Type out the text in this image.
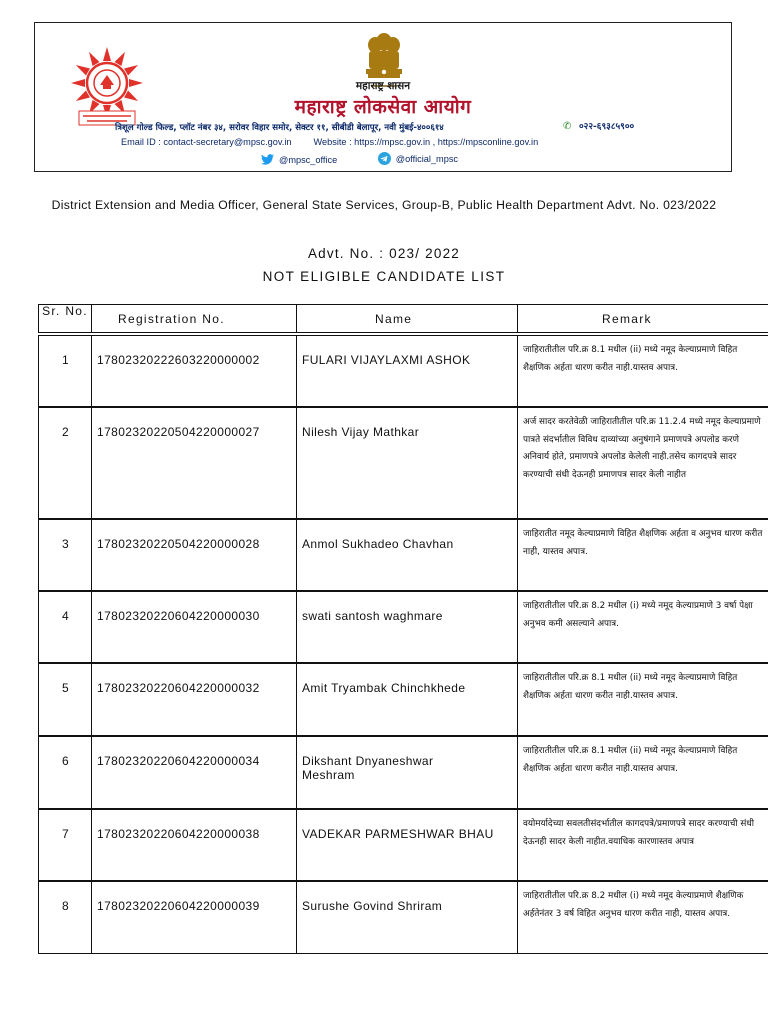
महाराष्ट्र शासन
महाराष्ट्र लोकसेवा आयोग
त्रिशूल गोल्ड फिल्ड, प्लॉट नंबर ३४, सरोवर विहार समोर, सेक्टर ११, सीबीडी बेलापूर, नवी मुंबई-४००६१४	✆ ०२२-६९३८५९००
Email ID : contact-secretary@mpsc.gov.in Website : https://mpsc.gov.in , https://mpsconline.gov.in
@mpsc_office
	@official_mpsc
District Extension and Media Officer, General State Services, Group-B, Public Health Department Advt. No. 023/2022
Advt. No. : 023/ 2022
NOT ELIGIBLE CANDIDATE LIST
Sr. No.
Registration No.	Name	Remark
1 17802320222603220000002	FULARI VIJAYLAXMI ASHOK
जाहिरातीतील परि.क्र 8.1 मधील (ii) मध्ये नमूद केल्याप्रमाणे विहित शैक्षणिक अर्हता धारण करीत नाही.यास्तव अपात्र.
2 17802320220504220000027	Nilesh Vijay Mathkar
अर्ज सादर करतेवेळी जाहिरातीतील परि.क्र 11.2.4 मध्ये नमूद केल्याप्रमाणे पात्रते संदर्भातील विविध दाव्यांच्या अनुषंगाने प्रमाणपत्रे अपलोड करणे अनिवार्य होते, प्रमाणपत्रे अपलोड केलेली नाही.तसेच कागदपत्रे सादर करण्याची संधी देऊनही प्रमाणपत्र सादर केली नाहीत
3 17802320220504220000028	Anmol Sukhadeo Chavhan
जाहिरातीत नमूद केल्याप्रमाणे विहित शैक्षणिक अर्हता व अनुभव धारण करीत नाही, यास्तव अपात्र.
4 17802320220604220000030	swati santosh waghmare
जाहिरातीतील परि.क्र 8.2 मधील (i) मध्ये नमूद केल्याप्रमाणे 3 वर्षा पेक्षा अनुभव कमी असल्याने अपात्र.
5 17802320220604220000032	Amit Tryambak Chinchkhede
जाहिरातीतील परि.क्र 8.1 मधील (ii) मध्ये नमूद केल्याप्रमाणे विहित शैक्षणिक अर्हता धारण करीत नाही.यास्तव अपात्र.
6 17802320220604220000034	Dikshant Dnyaneshwar Meshram
जाहिरातीतील परि.क्र 8.1 मधील (ii) मध्ये नमूद केल्याप्रमाणे विहित शैक्षणिक अर्हता धारण करीत नाही.यास्तव अपात्र.
7 17802320220604220000038	VADEKAR PARMESHWAR BHAU
वयोमर्यादेच्या सवलतीसंदर्भातील कागदपत्रे/प्रमाणपत्रे सादर करण्याची संधी देऊनही सादर केली नाहीत.वयाधिक कारणास्तव अपात्र
8 17802320220604220000039	Surushe Govind Shriram
जाहिरातीतील परि.क्र 8.2 मधील (i) मध्ये नमूद केल्याप्रमाणे शैक्षणिक अर्हतेनंतर 3 वर्ष विहित अनुभव धारण करीत नाही, यास्तव अपात्र.
